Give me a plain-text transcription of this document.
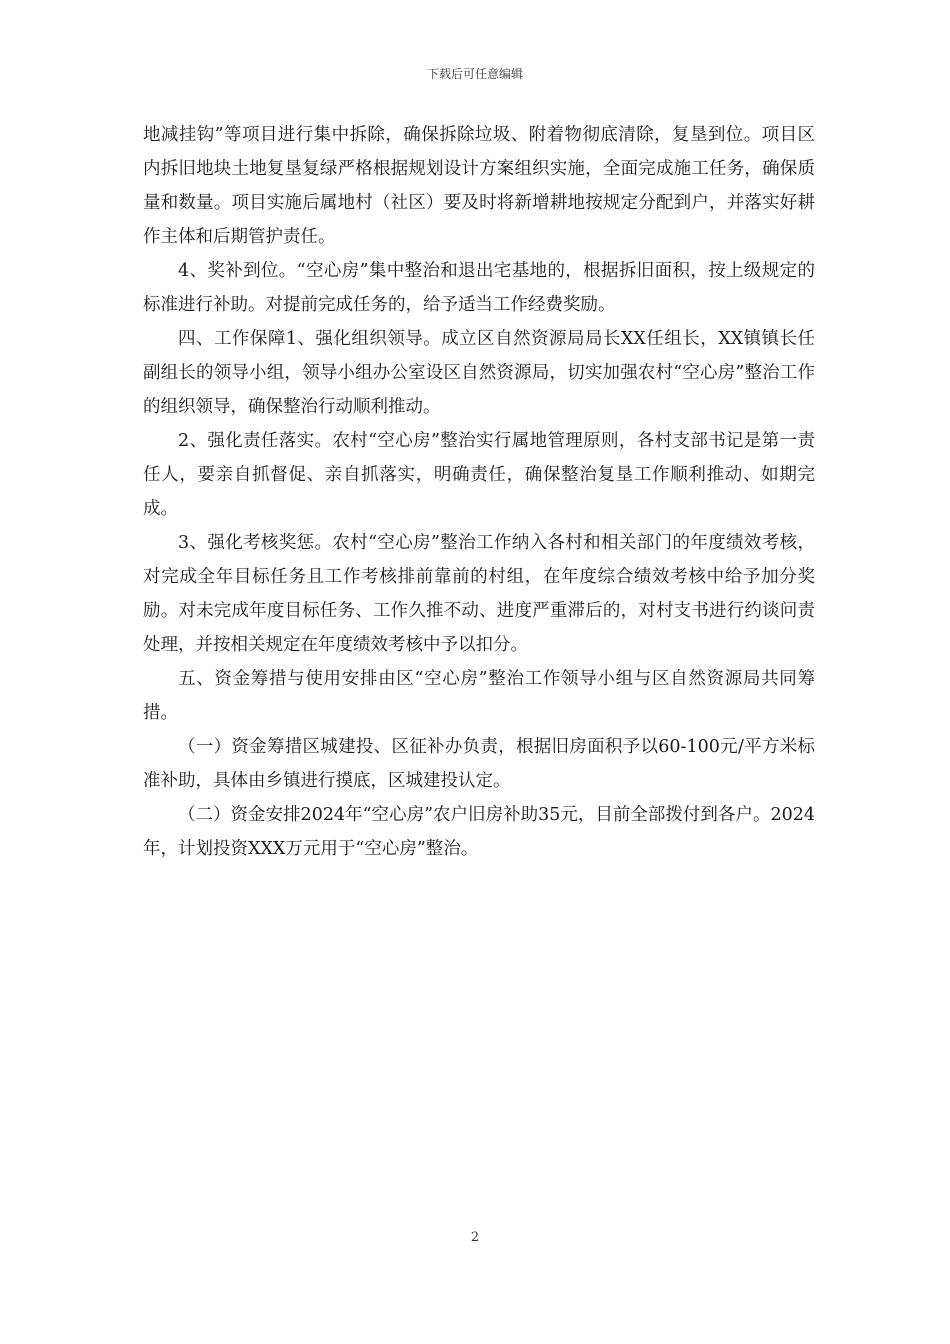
下载后可任意编辑

地减挂钩”等项目进行集中拆除，确保拆除垃圾、附着物彻底清除，复垦到位。项目区内拆旧地块土地复垦复绿严格根据规划设计方案组织实施，全面完成施工任务，确保质量和数量。项目实施后属地村（社区）要及时将新增耕地按规定分配到户，并落实好耕作主体和后期管护责任。

4、奖补到位。“空心房”集中整治和退出宅基地的，根据拆旧面积，按上级规定的标准进行补助。对提前完成任务的，给予适当工作经费奖励。

四、工作保障1、强化组织领导。成立区自然资源局局长XX任组长，XX镇镇长任副组长的领导小组，领导小组办公室设区自然资源局，切实加强农村“空心房”整治工作的组织领导，确保整治行动顺利推动。

2、强化责任落实。农村“空心房”整治实行属地管理原则，各村支部书记是第一责任人，要亲自抓督促、亲自抓落实，明确责任，确保整治复垦工作顺利推动、如期完成。

3、强化考核奖惩。农村“空心房”整治工作纳入各村和相关部门的年度绩效考核，对完成全年目标任务且工作考核排前靠前的村组，在年度综合绩效考核中给予加分奖励。对未完成年度目标任务、工作久推不动、进度严重滞后的，对村支书进行约谈问责处理，并按相关规定在年度绩效考核中予以扣分。

五、资金筹措与使用安排由区“空心房”整治工作领导小组与区自然资源局共同筹措。

（一）资金筹措区城建投、区征补办负责，根据旧房面积予以60-100元/平方米标准补助，具体由乡镇进行摸底，区城建投认定。

（二）资金安排2024年“空心房”农户旧房补助35元，目前全部拨付到各户。2024年，计划投资XXX万元用于“空心房”整治。

2
